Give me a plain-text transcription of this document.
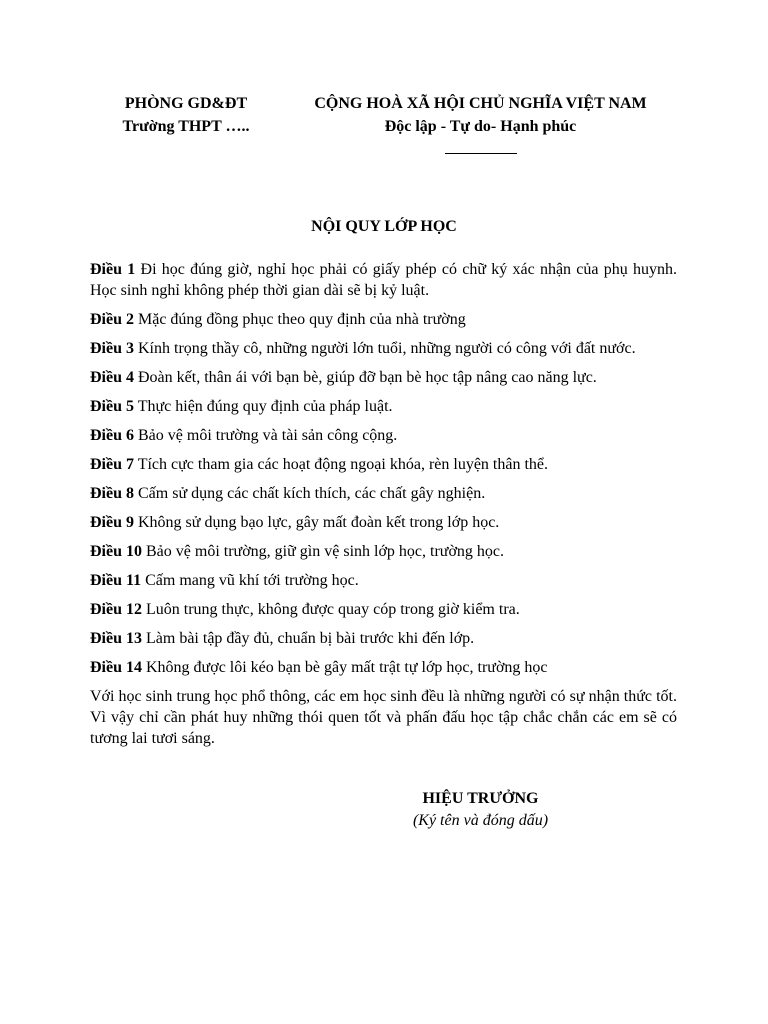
PHÒNG GD&ĐT
Trường THPT …..
CỘNG HOÀ XÃ HỘI CHỦ NGHĨA VIỆT NAM
Độc lập - Tự do- Hạnh phúc
NỘI QUY LỚP HỌC

Điều 1 Đi học đúng giờ, nghỉ học phải có giấy phép có chữ ký xác nhận của phụ huynh. Học sinh nghỉ không phép thời gian dài sẽ bị kỷ luật.

Điều 2 Mặc đúng đồng phục theo quy định của nhà trường

Điều 3 Kính trọng thầy cô, những người lớn tuổi, những người có công với đất nước.

Điều 4 Đoàn kết, thân ái với bạn bè, giúp đỡ bạn bè học tập nâng cao năng lực.

Điều 5 Thực hiện đúng quy định của pháp luật.

Điều 6 Bảo vệ môi trường và tài sản công cộng.

Điều 7 Tích cực tham gia các hoạt động ngoại khóa, rèn luyện thân thể.

Điều 8 Cấm sử dụng các chất kích thích, các chất gây nghiện.

Điều 9 Không sử dụng bạo lực, gây mất đoàn kết trong lớp học.

Điều 10 Bảo vệ môi trường, giữ gìn vệ sinh lớp học, trường học.

Điều 11 Cấm mang vũ khí tới trường học.

Điều 12 Luôn trung thực, không được quay cóp trong giờ kiểm tra.

Điều 13 Làm bài tập đầy đủ, chuẩn bị bài trước khi đến lớp.

Điều 14 Không được lôi kéo bạn bè gây mất trật tự lớp học, trường học

Với học sinh trung học phổ thông, các em học sinh đều là những người có sự nhận thức tốt. Vì vậy chỉ cần phát huy những thói quen tốt và phấn đấu học tập chắc chắn các em sẽ có tương lai tươi sáng.

HIỆU TRƯỞNG
(Ký tên và đóng dấu)
